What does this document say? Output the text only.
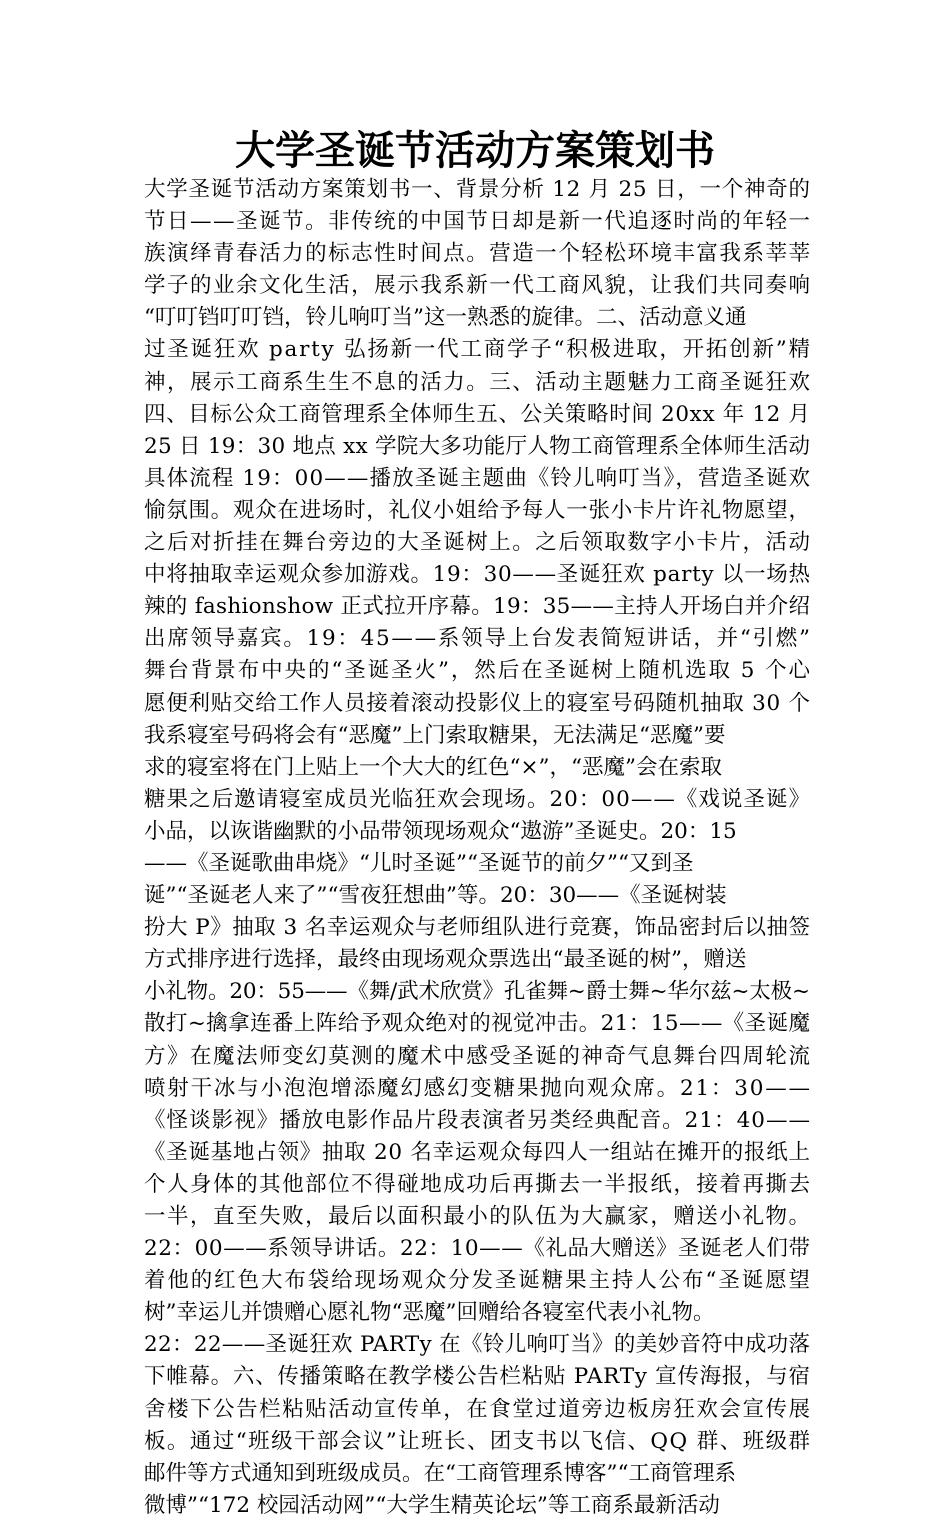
大学圣诞节活动方案策划书
大学圣诞节活动方案策划书一、背景分析 12 月 25 日，一个神奇的
节日——圣诞节。非传统的中国节日却是新一代追逐时尚的年轻一
族演绎青春活力的标志性时间点。营造一个轻松环境丰富我系莘莘
学子的业余文化生活，展示我系新一代工商风貌，让我们共同奏响
“叮叮铛叮叮铛，铃儿响叮当”这一熟悉的旋律。二、活动意义通
过圣诞狂欢 party 弘扬新一代工商学子“积极进取，开拓创新”精
神，展示工商系生生不息的活力。三、活动主题魅力工商圣诞狂欢
四、目标公众工商管理系全体师生五、公关策略时间 20xx 年 12 月
25 日 19：30 地点 xx 学院大多功能厅人物工商管理系全体师生活动
具体流程 19：00——播放圣诞主题曲《铃儿响叮当》，营造圣诞欢
愉氛围。观众在进场时，礼仪小姐给予每人一张小卡片许礼物愿望，
之后对折挂在舞台旁边的大圣诞树上。之后领取数字小卡片，活动
中将抽取幸运观众参加游戏。19：30——圣诞狂欢 party 以一场热
辣的 fashionshow 正式拉开序幕。19：35——主持人开场白并介绍
出席领导嘉宾。19：45——系领导上台发表简短讲话，并“引燃”
舞台背景布中央的“圣诞圣火”，然后在圣诞树上随机选取 5 个心
愿便利贴交给工作人员接着滚动投影仪上的寝室号码随机抽取 30 个
我系寝室号码将会有“恶魔”上门索取糖果，无法满足“恶魔”要
求的寝室将在门上贴上一个大大的红色“×”，“恶魔”会在索取
糖果之后邀请寝室成员光临狂欢会现场。20：00——《戏说圣诞》
小品，以诙谐幽默的小品带领现场观众“遨游”圣诞史。20：15
——《圣诞歌曲串烧》“儿时圣诞”“圣诞节的前夕”“又到圣
诞”“圣诞老人来了”“雪夜狂想曲”等。20：30——《圣诞树装
扮大 P》抽取 3 名幸运观众与老师组队进行竞赛，饰品密封后以抽签
方式排序进行选择，最终由现场观众票选出“最圣诞的树”，赠送
小礼物。20：55——《舞/武术欣赏》孔雀舞~爵士舞~华尔兹~太极~
散打~擒拿连番上阵给予观众绝对的视觉冲击。21：15——《圣诞魔
方》在魔法师变幻莫测的魔术中感受圣诞的神奇气息舞台四周轮流
喷射干冰与小泡泡增添魔幻感幻变糖果抛向观众席。21：30——
《怪谈影视》播放电影作品片段表演者另类经典配音。21：40——
《圣诞基地占领》抽取 20 名幸运观众每四人一组站在摊开的报纸上
个人身体的其他部位不得碰地成功后再撕去一半报纸，接着再撕去
一半，直至失败，最后以面积最小的队伍为大赢家，赠送小礼物。
22：00——系领导讲话。22：10——《礼品大赠送》圣诞老人们带
着他的红色大布袋给现场观众分发圣诞糖果主持人公布“圣诞愿望
树”幸运儿并馈赠心愿礼物“恶魔”回赠给各寝室代表小礼物。
22：22——圣诞狂欢 PARTy 在《铃儿响叮当》的美妙音符中成功落
下帷幕。六、传播策略在教学楼公告栏粘贴 PARTy 宣传海报，与宿
舍楼下公告栏粘贴活动宣传单，在食堂过道旁边板房狂欢会宣传展
板。通过“班级干部会议”让班长、团支书以飞信、QQ 群、班级群
邮件等方式通知到班级成员。在“工商管理系博客”“工商管理系
微博”“172 校园活动网”“大学生精英论坛”等工商系最新活动
